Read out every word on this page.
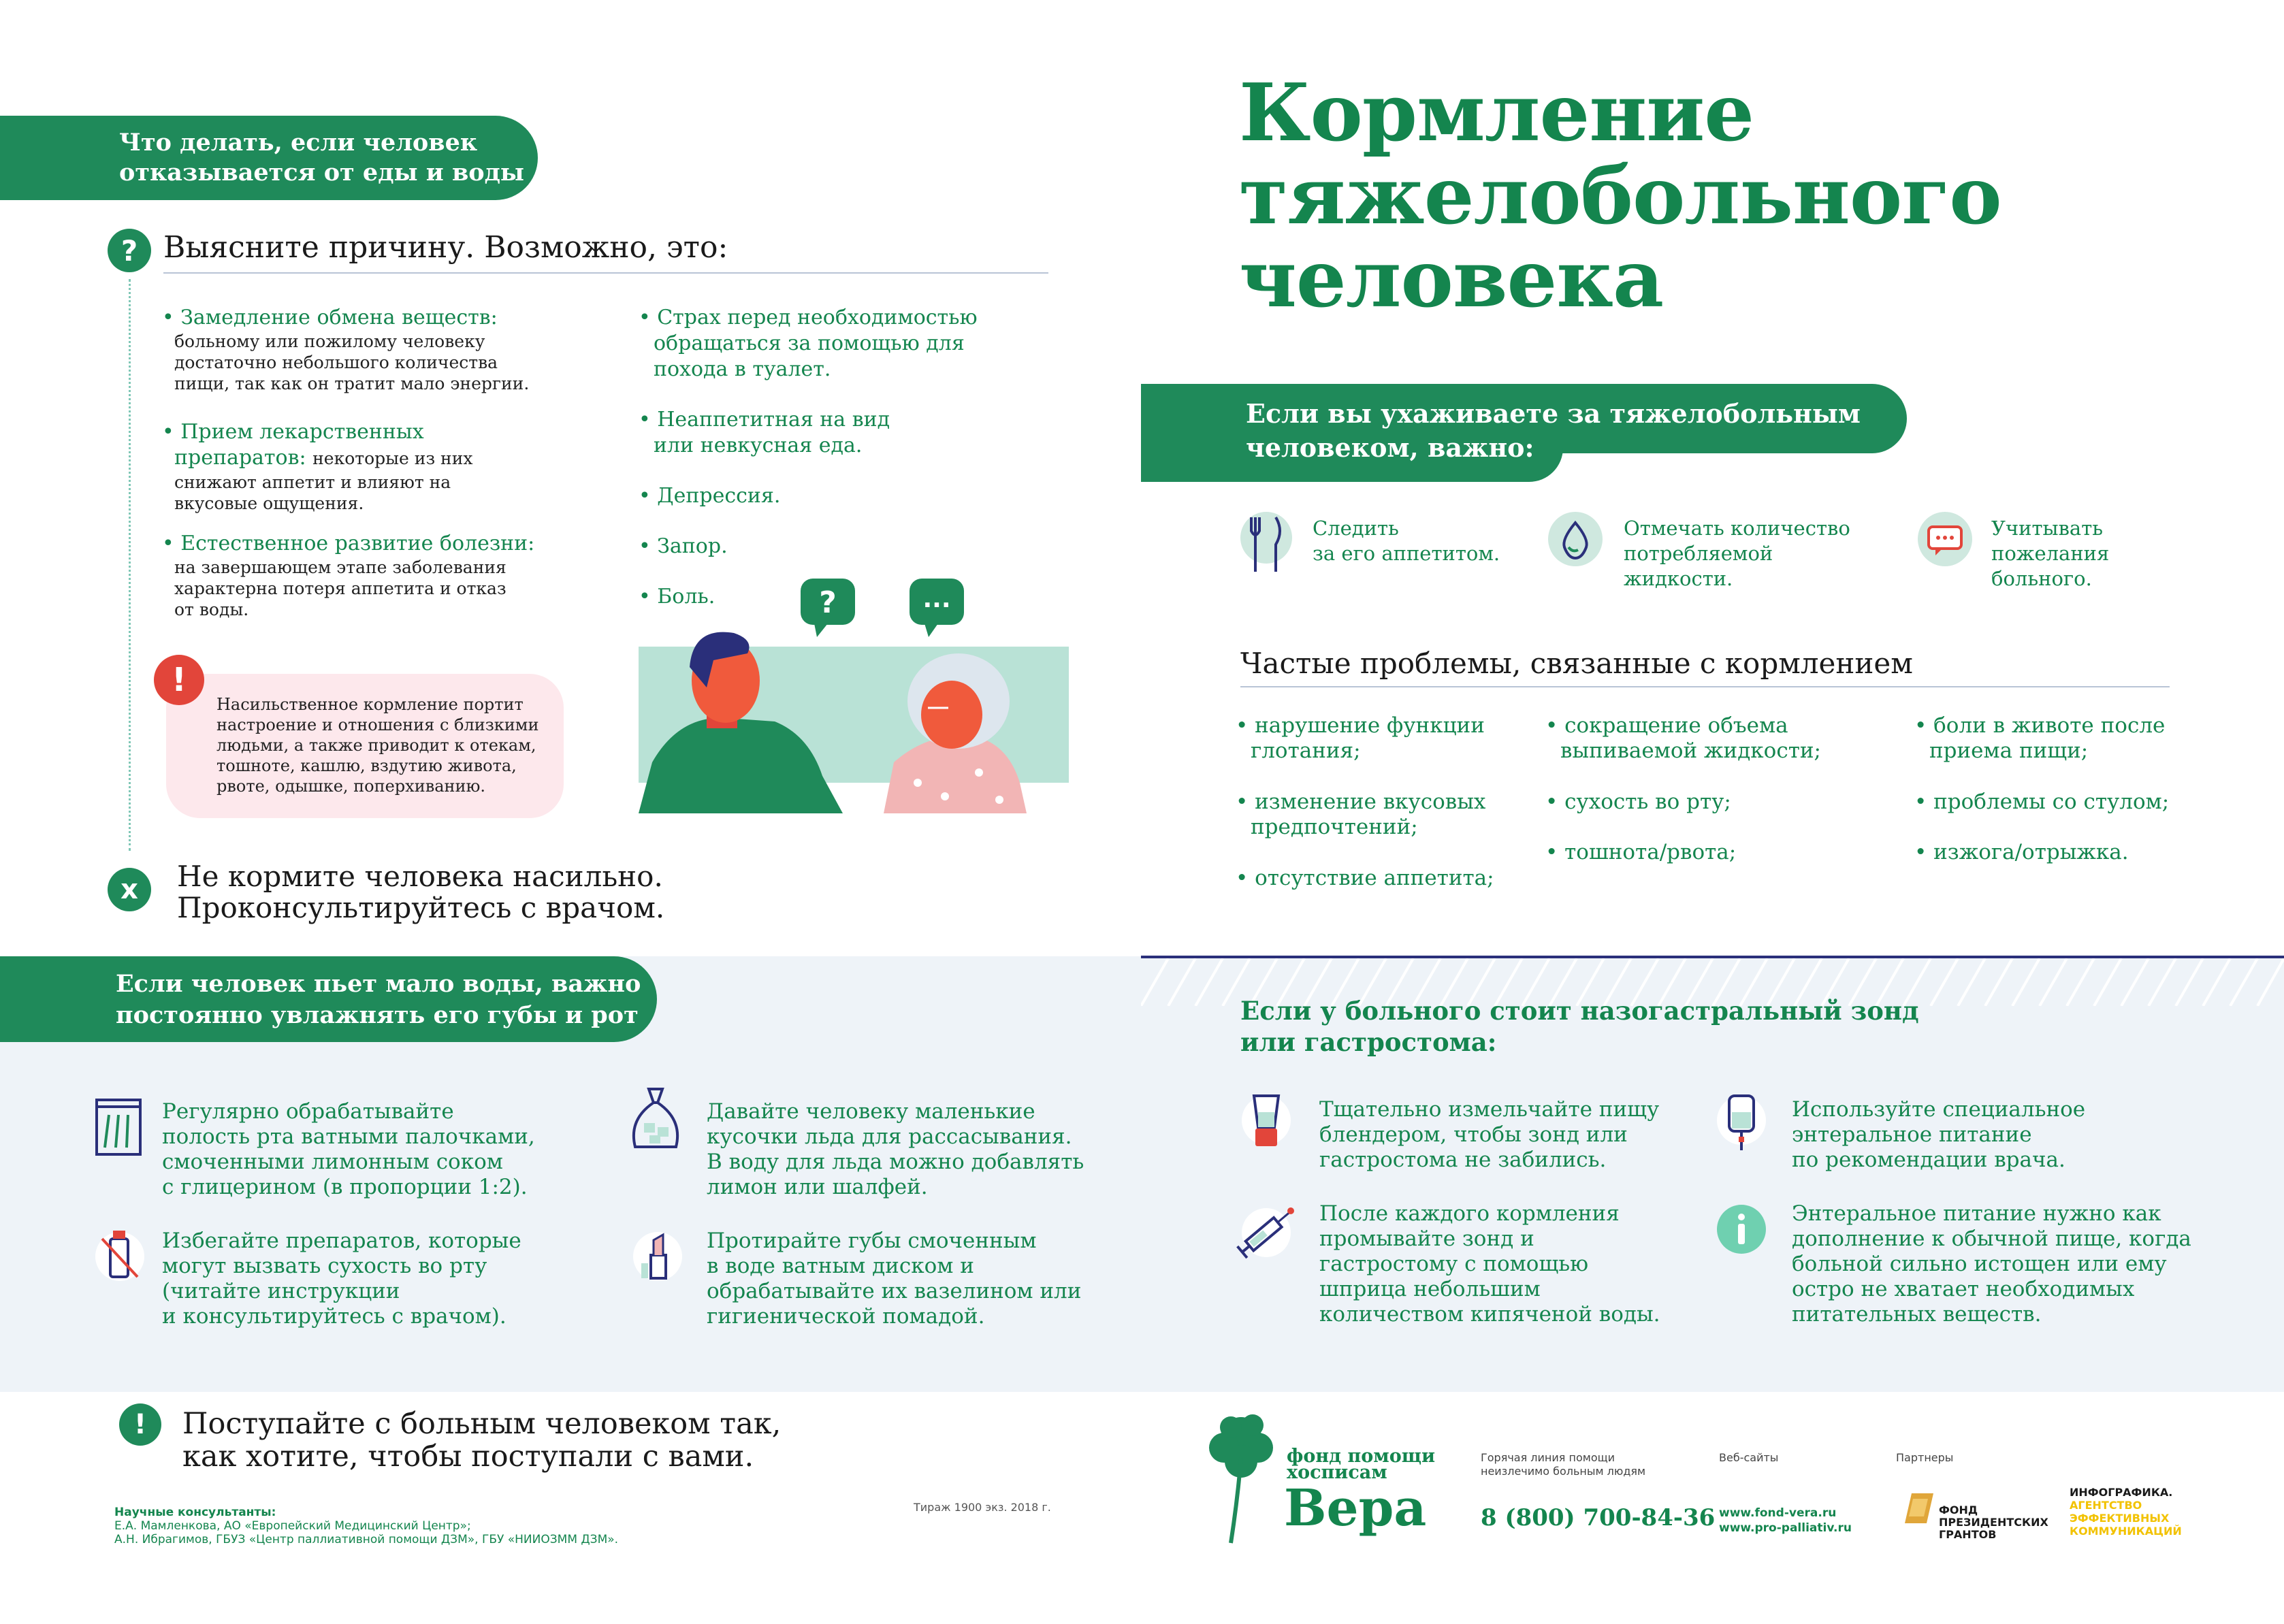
Кормление
тяжелобольного
человека
Что делать, если человек
отказывается от еды и воды
? Выясните причину. Возможно, это:
• Замедление обмена веществ:
больному или пожилому человеку
достаточно небольшого количества
пищи, так как он тратит мало энергии.
• Прием лекарственных
препаратов: некоторые из них
снижают аппетит и влияют на
вкусовые ощущения.
• Естественное развитие болезни:
на завершающем этапе заболевания
характерна потеря аппетита и отказ
от воды.
• Страх перед необходимостью
обращаться за помощью для
похода в туалет.
• Неаппетитная на вид
или невкусная еда.
• Депрессия.
• Запор.
• Боль.
!
Насильственное кормление портит
настроение и отношения с близкими
людьми, а также приводит к отекам,
тошноте, кашлю, вздутию живота,
рвоте, одышке, поперхиванию.
?	...
x	Не кормите человека насильно.
Проконсультируйтесь с врачом.
Если вы ухаживаете за тяжелобольным
человеком, важно:
Следить
за его аппетитом.
Отмечать количество
потребляемой
жидкости.
Учитывать
пожелания
больного.
Частые проблемы, связанные с кормлением
• нарушение функции
глотания;
• изменение вкусовых
предпочтений;
• отсутствие аппетита;
• сокращение объема
выпиваемой жидкости;
• сухость во рту;
• тошнота/рвота;
• боли в животе после
приема пищи;
• проблемы со стулом;
• изжога/отрыжка.
Если человек пьет мало воды, важно
постоянно увлажнять его губы и рот
Регулярно обрабатывайте
полость рта ватными палочками,
смоченными лимонным соком
с глицерином (в пропорции 1:2).
Давайте человеку маленькие
кусочки льда для рассасывания.
В воду для льда можно добавлять
лимон или шалфей.
Избегайте препаратов, которые
могут вызвать сухость во рту
(читайте инструкции
и консультируйтесь с врачом).
Протирайте губы смоченным
в воде ватным диском и
обрабатывайте их вазелином или
гигиенической помадой.
Если у больного стоит назогастральный зонд
или гастростома:
Тщательно измельчайте пищу
блендером, чтобы зонд или
гастростома не забились.
Используйте специальное
энтеральное питание
по рекомендации врача.
После каждого кормления
промывайте зонд и
гастростому с помощью
шприца небольшим
количеством кипяченой воды.
Энтеральное питание нужно как
дополнение к обычной пище, когда
больной сильно истощен или ему
остро не хватает необходимых
питательных веществ.
!	Поступайте с больным человеком так,
как хотите, чтобы поступали с вами.
Научные консультанты:
Е.А. Мамленкова, АО «Европейский Медицинский Центр»;
А.Н. Ибрагимов, ГБУЗ «Центр паллиативной помощи ДЗМ», ГБУ «НИИОЗММ ДЗМ».
Тираж 1900 экз. 2018 г.
фонд помощи
хосписам
Вера
Горячая линия помощи
неизлечимо больным людям
8 (800) 700-84-36
Веб-сайты
www.fond-vera.ru
www.pro-palliativ.ru
Партнеры
ФОНД
ПРЕЗИДЕНТСКИХ
ГРАНТОВ
ИНФОГРАФИКА.
АГЕНТСТВО
ЭФФЕКТИВНЫХ
КОММУНИКАЦИЙ
